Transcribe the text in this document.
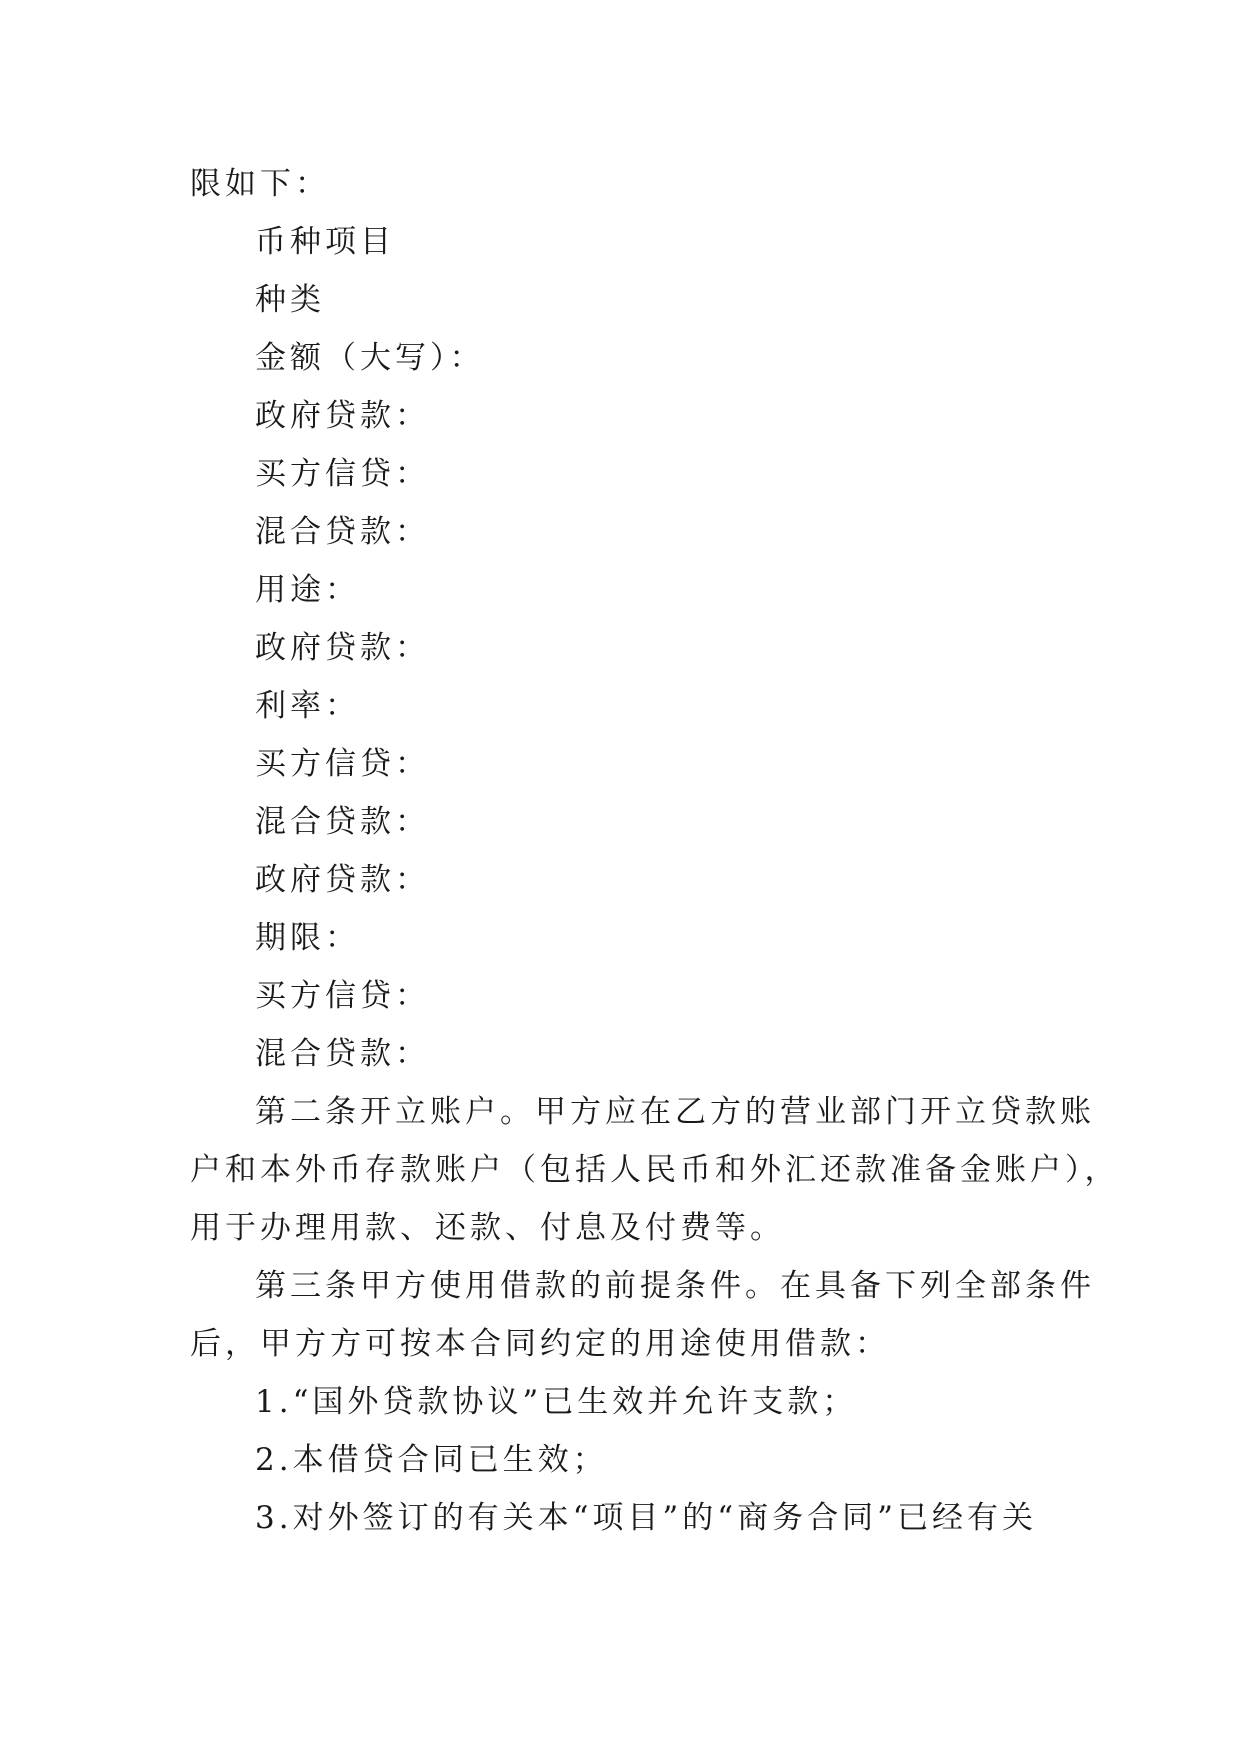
限如下：
币种项目
种类
金额（大写）：
政府贷款：
买方信贷：
混合贷款：
用途：
政府贷款：
利率：
买方信贷：
混合贷款：
政府贷款：
期限：
买方信贷：
混合贷款：
第二条开立账户。甲方应在乙方的营业部门开立贷款账
户和本外币存款账户（包括人民币和外汇还款准备金账户），
用于办理用款、还款、付息及付费等。
第三条甲方使用借款的前提条件。在具备下列全部条件
后，甲方方可按本合同约定的用途使用借款：
1.“国外贷款协议”已生效并允许支款；
2.本借贷合同已生效；
3.对外签订的有关本“项目”的“商务合同”已经有关
